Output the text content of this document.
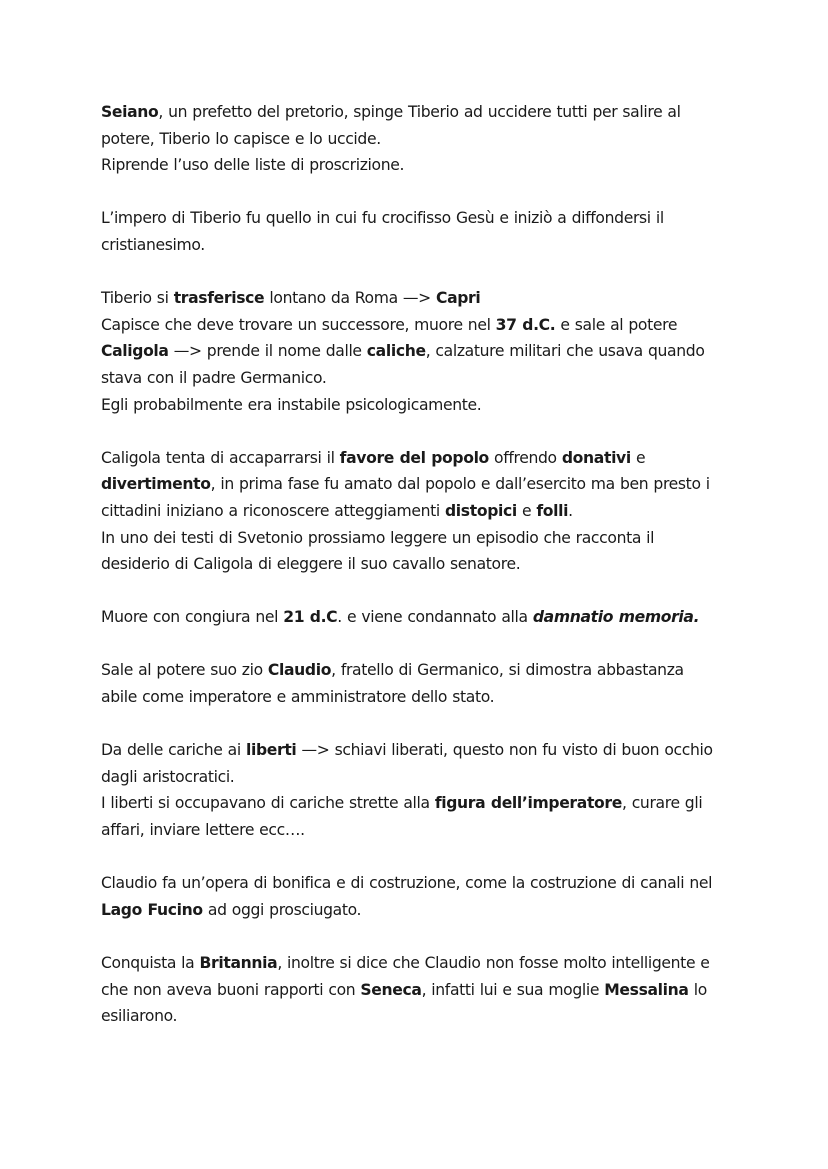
Seiano, un prefetto del pretorio, spinge Tiberio ad uccidere tutti per salire al
potere, Tiberio lo capisce e lo uccide.
Riprende l’uso delle liste di proscrizione.

L’impero di Tiberio fu quello in cui fu crocifisso Gesù e iniziò a diffondersi il
cristianesimo.

Tiberio si trasferisce lontano da Roma —> Capri
Capisce che deve trovare un successore, muore nel 37 d.C. e sale al potere
Caligola —> prende il nome dalle caliche, calzature militari che usava quando
stava con il padre Germanico.
Egli probabilmente era instabile psicologicamente.

Caligola tenta di accaparrarsi il favore del popolo offrendo donativi e
divertimento, in prima fase fu amato dal popolo e dall’esercito ma ben presto i
cittadini iniziano a riconoscere atteggiamenti distopici e folli.
In uno dei testi di Svetonio prossiamo leggere un episodio che racconta il
desiderio di Caligola di eleggere il suo cavallo senatore.

Muore con congiura nel 21 d.C. e viene condannato alla damnatio memoria.

Sale al potere suo zio Claudio, fratello di Germanico, si dimostra abbastanza
abile come imperatore e amministratore dello stato.

Da delle cariche ai liberti —> schiavi liberati, questo non fu visto di buon occhio
dagli aristocratici.
I liberti si occupavano di cariche strette alla figura dell’imperatore, curare gli
affari, inviare lettere ecc….

Claudio fa un’opera di bonifica e di costruzione, come la costruzione di canali nel
Lago Fucino ad oggi prosciugato.

Conquista la Britannia, inoltre si dice che Claudio non fosse molto intelligente e
che non aveva buoni rapporti con Seneca, infatti lui e sua moglie Messalina lo
esiliarono.
